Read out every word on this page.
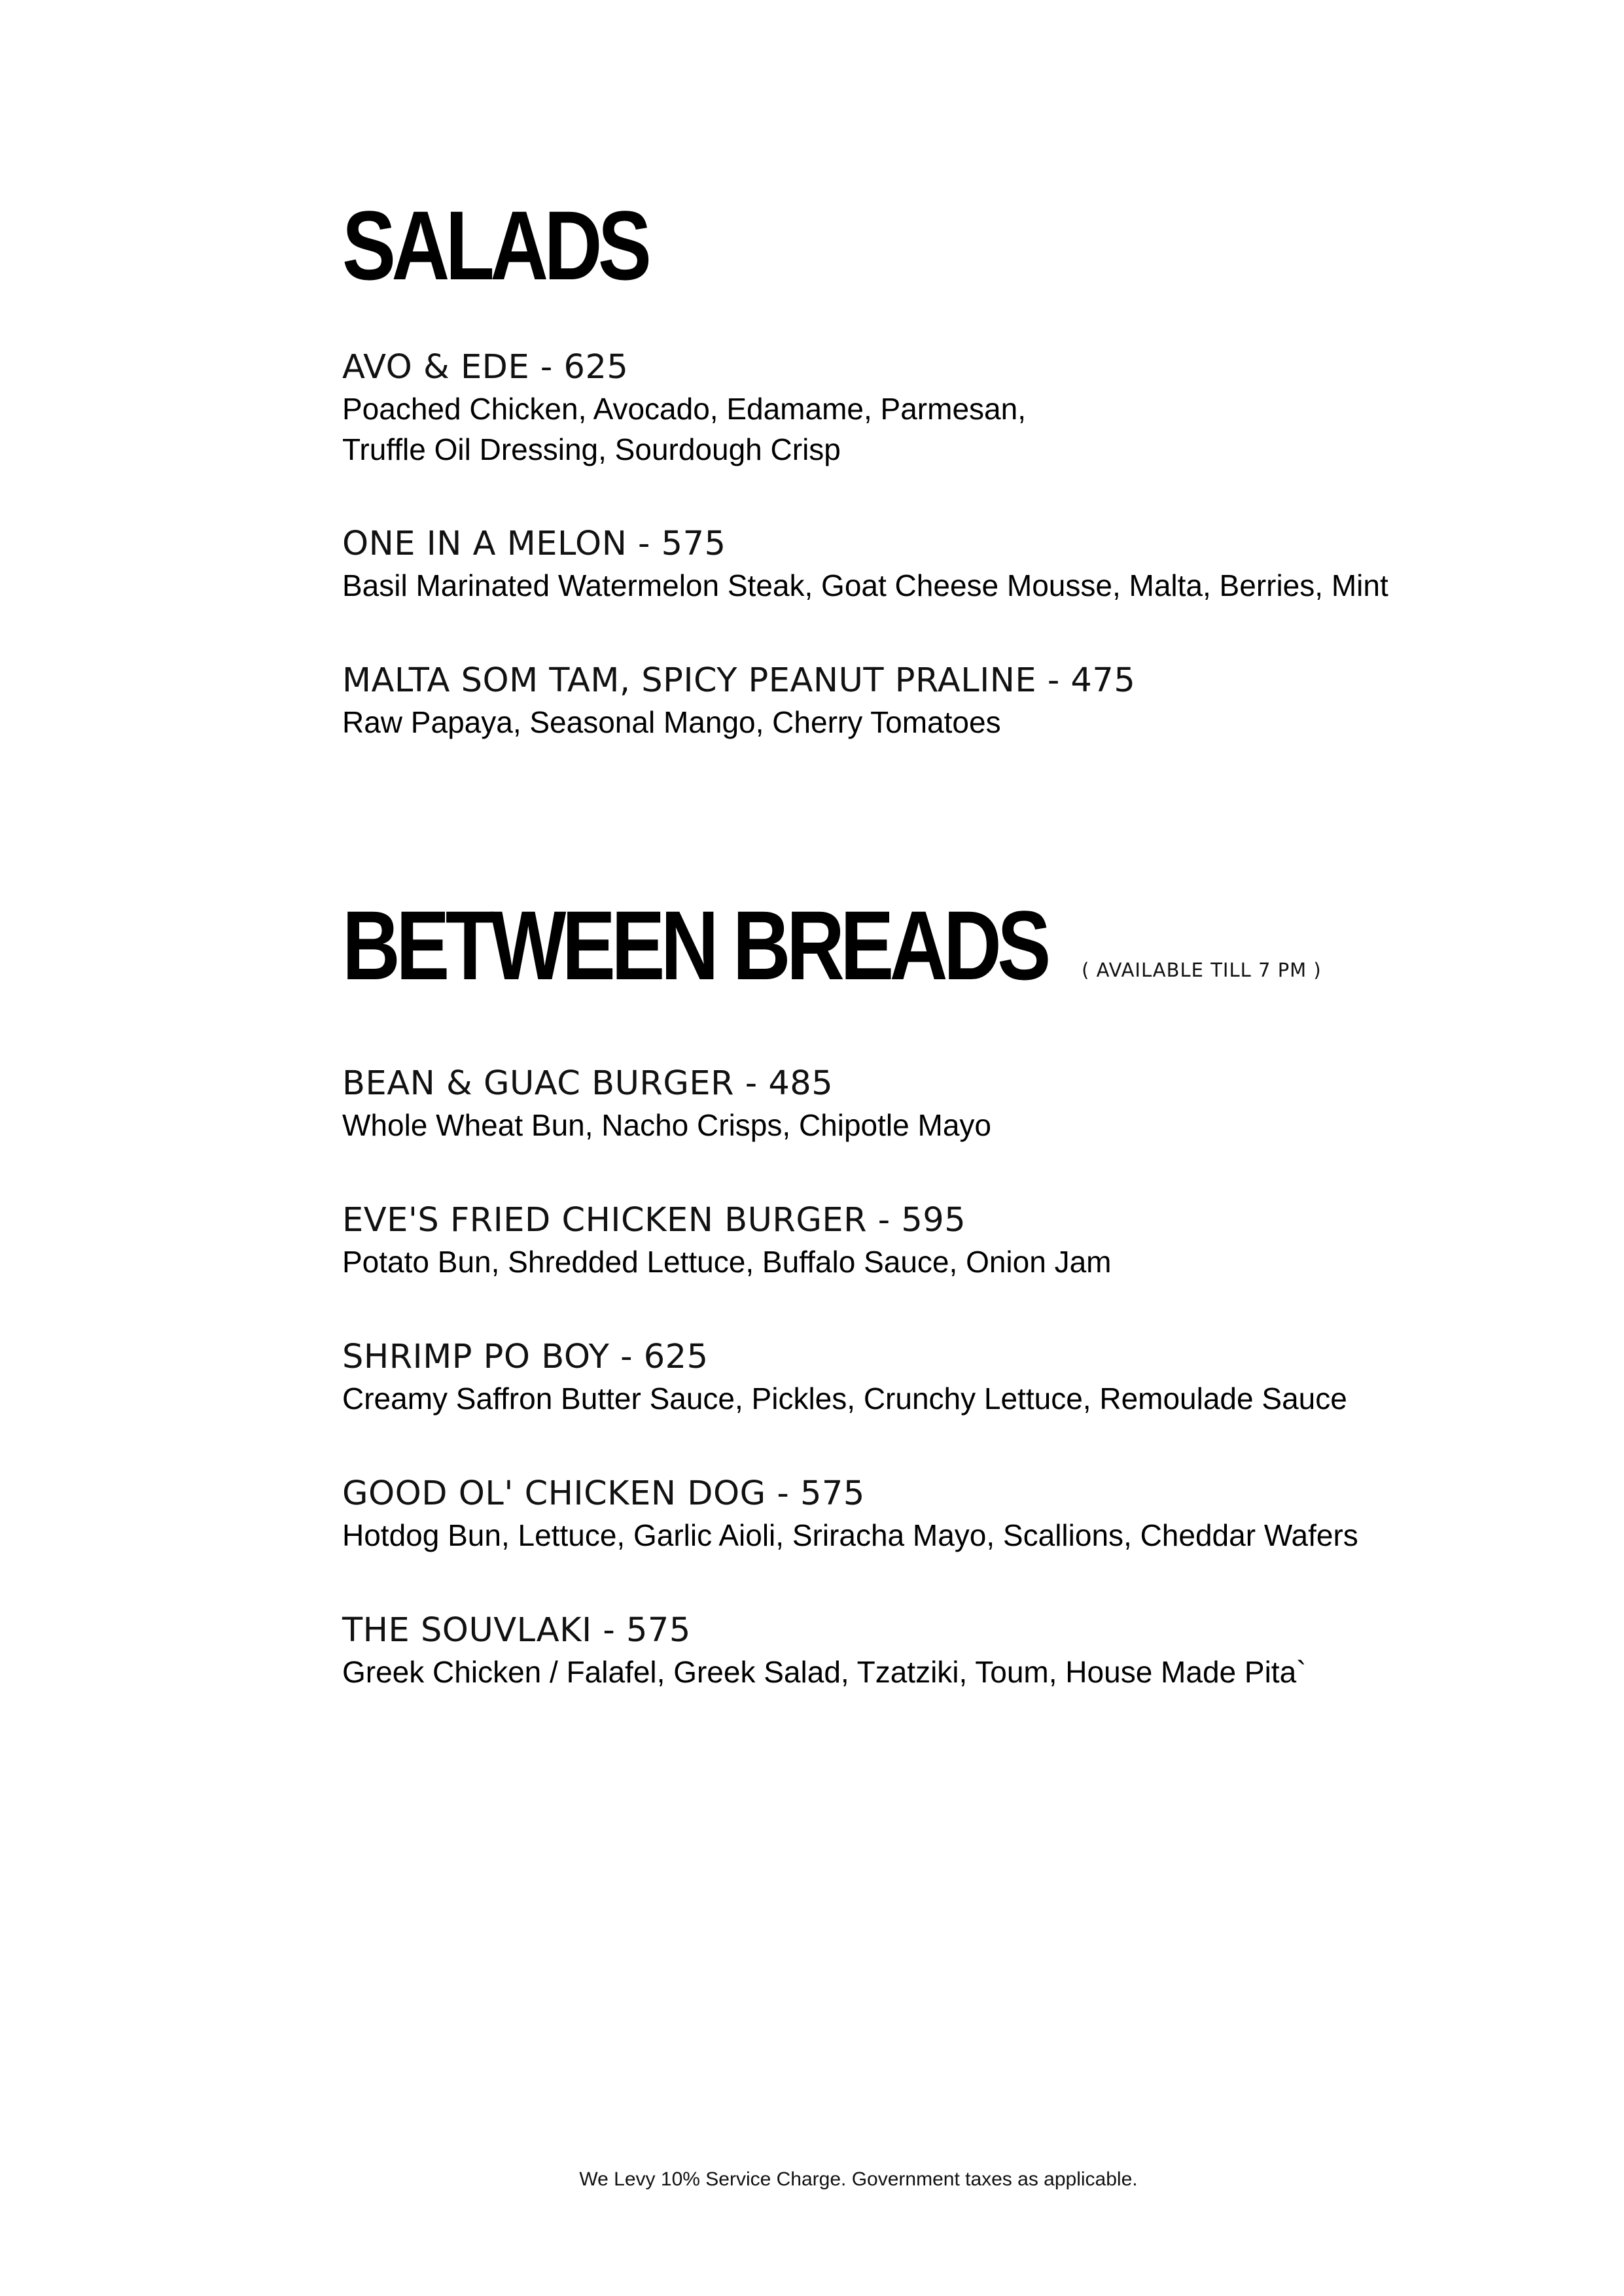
SALADS
AVO & EDE - 625
Poached Chicken, Avocado, Edamame, Parmesan,
Truffle Oil Dressing, Sourdough Crisp
ONE IN A MELON - 575
Basil Marinated Watermelon Steak, Goat Cheese Mousse, Malta, Berries, Mint
MALTA SOM TAM, SPICY PEANUT PRALINE - 475
Raw Papaya, Seasonal Mango, Cherry Tomatoes
BETWEEN BREADS ( AVAILABLE TILL 7 PM )
BEAN & GUAC BURGER - 485
Whole Wheat Bun, Nacho Crisps, Chipotle Mayo
EVE'S FRIED CHICKEN BURGER - 595
Potato Bun, Shredded Lettuce, Buffalo Sauce, Onion Jam
SHRIMP PO BOY - 625
Creamy Saffron Butter Sauce, Pickles, Crunchy Lettuce, Remoulade Sauce
GOOD OL' CHICKEN DOG - 575
Hotdog Bun, Lettuce, Garlic Aioli, Sriracha Mayo, Scallions, Cheddar Wafers
THE SOUVLAKI - 575
Greek Chicken / Falafel, Greek Salad, Tzatziki, Toum, House Made Pita`
We Levy 10% Service Charge. Government taxes as applicable.
